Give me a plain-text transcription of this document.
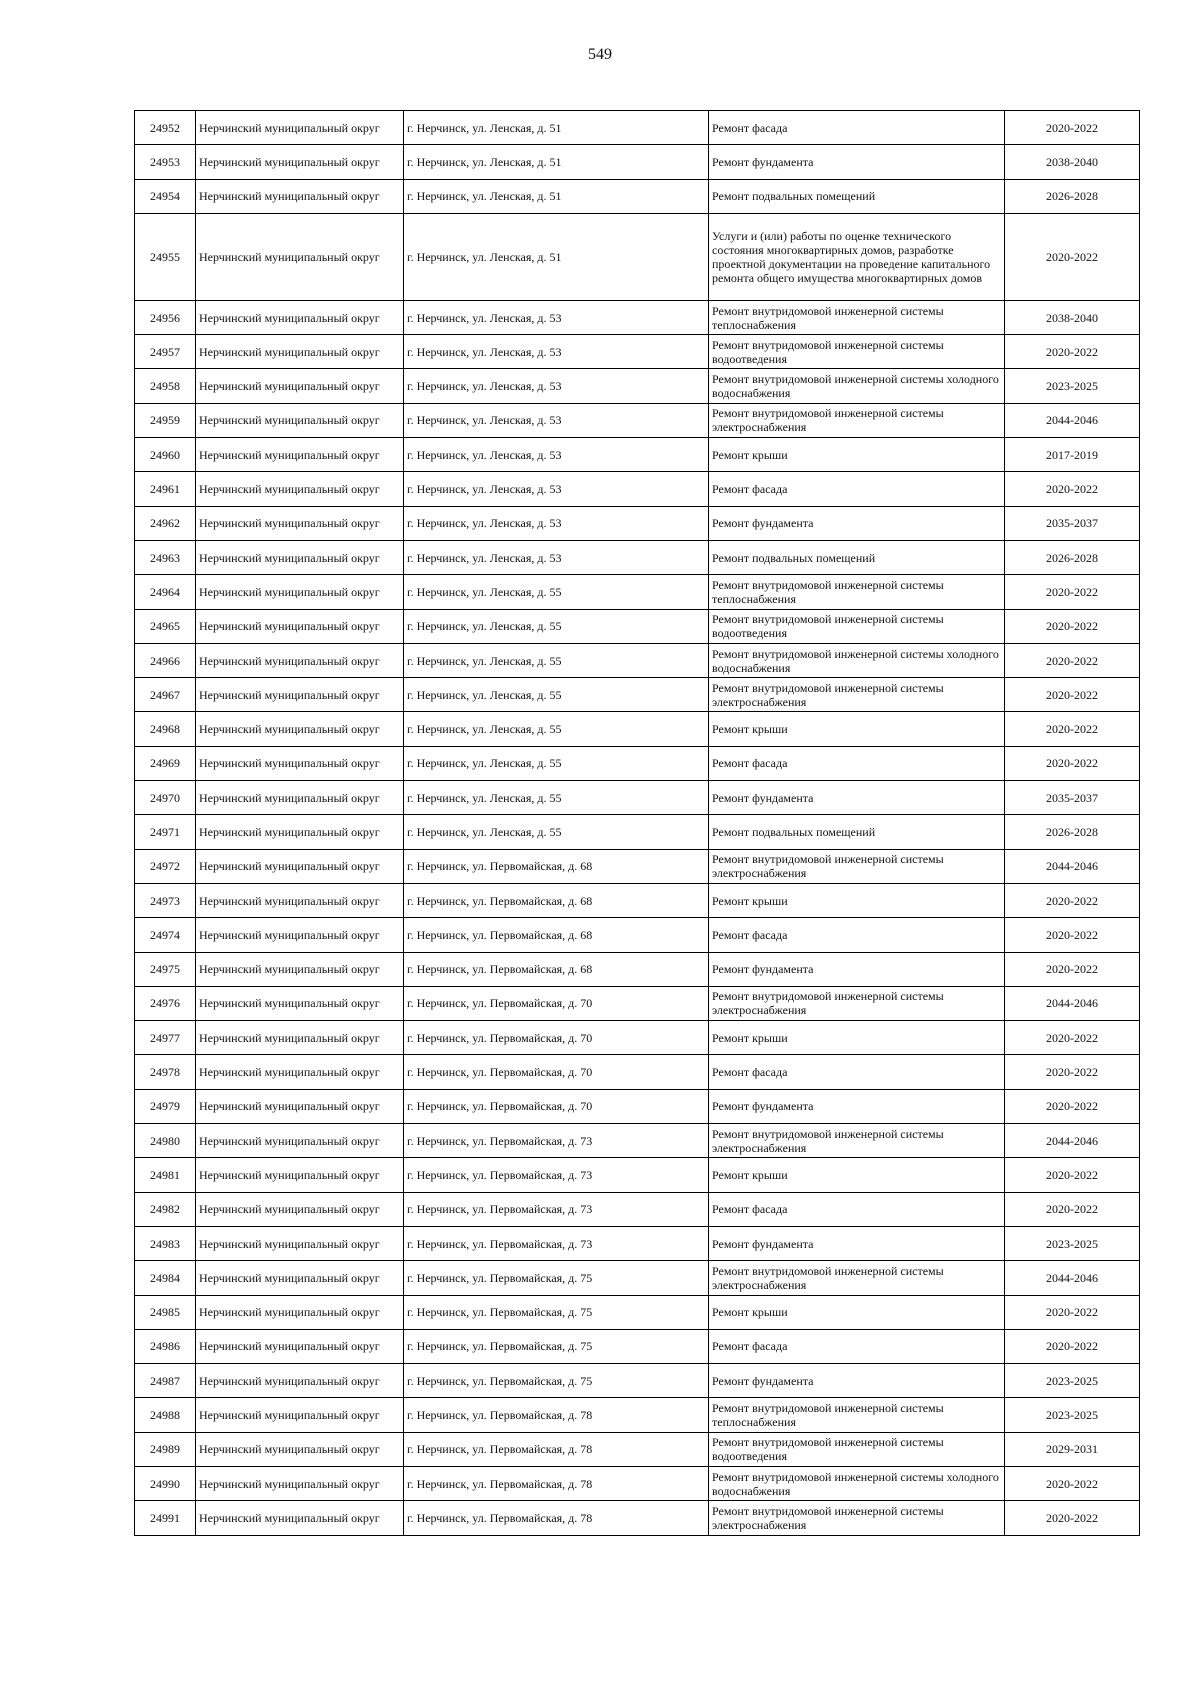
549
24952	Нерчинский муниципальный округ	г. Нерчинск, ул. Ленская, д. 51	Ремонт фасада	2020-2022
24953	Нерчинский муниципальный округ	г. Нерчинск, ул. Ленская, д. 51	Ремонт фундамента	2038-2040
24954	Нерчинский муниципальный округ	г. Нерчинск, ул. Ленская, д. 51	Ремонт подвальных помещений	2026-2028
24955	Нерчинский муниципальный округ	г. Нерчинск, ул. Ленская, д. 51	Услуги и (или) работы по оценке технического состояния многоквартирных домов, разработке проектной документации на проведение капитального ремонта общего имущества многоквартирных домов	2020-2022
24956	Нерчинский муниципальный округ	г. Нерчинск, ул. Ленская, д. 53	Ремонт внутридомовой инженерной системы теплоснабжения	2038-2040
24957	Нерчинский муниципальный округ	г. Нерчинск, ул. Ленская, д. 53	Ремонт внутридомовой инженерной системы водоотведения	2020-2022
24958	Нерчинский муниципальный округ	г. Нерчинск, ул. Ленская, д. 53	Ремонт внутридомовой инженерной системы холодного водоснабжения	2023-2025
24959	Нерчинский муниципальный округ	г. Нерчинск, ул. Ленская, д. 53	Ремонт внутридомовой инженерной системы электроснабжения	2044-2046
24960	Нерчинский муниципальный округ	г. Нерчинск, ул. Ленская, д. 53	Ремонт крыши	2017-2019
24961	Нерчинский муниципальный округ	г. Нерчинск, ул. Ленская, д. 53	Ремонт фасада	2020-2022
24962	Нерчинский муниципальный округ	г. Нерчинск, ул. Ленская, д. 53	Ремонт фундамента	2035-2037
24963	Нерчинский муниципальный округ	г. Нерчинск, ул. Ленская, д. 53	Ремонт подвальных помещений	2026-2028
24964	Нерчинский муниципальный округ	г. Нерчинск, ул. Ленская, д. 55	Ремонт внутридомовой инженерной системы теплоснабжения	2020-2022
24965	Нерчинский муниципальный округ	г. Нерчинск, ул. Ленская, д. 55	Ремонт внутридомовой инженерной системы водоотведения	2020-2022
24966	Нерчинский муниципальный округ	г. Нерчинск, ул. Ленская, д. 55	Ремонт внутридомовой инженерной системы холодного водоснабжения	2020-2022
24967	Нерчинский муниципальный округ	г. Нерчинск, ул. Ленская, д. 55	Ремонт внутридомовой инженерной системы электроснабжения	2020-2022
24968	Нерчинский муниципальный округ	г. Нерчинск, ул. Ленская, д. 55	Ремонт крыши	2020-2022
24969	Нерчинский муниципальный округ	г. Нерчинск, ул. Ленская, д. 55	Ремонт фасада	2020-2022
24970	Нерчинский муниципальный округ	г. Нерчинск, ул. Ленская, д. 55	Ремонт фундамента	2035-2037
24971	Нерчинский муниципальный округ	г. Нерчинск, ул. Ленская, д. 55	Ремонт подвальных помещений	2026-2028
24972	Нерчинский муниципальный округ	г. Нерчинск, ул. Первомайская, д. 68	Ремонт внутридомовой инженерной системы электроснабжения	2044-2046
24973	Нерчинский муниципальный округ	г. Нерчинск, ул. Первомайская, д. 68	Ремонт крыши	2020-2022
24974	Нерчинский муниципальный округ	г. Нерчинск, ул. Первомайская, д. 68	Ремонт фасада	2020-2022
24975	Нерчинский муниципальный округ	г. Нерчинск, ул. Первомайская, д. 68	Ремонт фундамента	2020-2022
24976	Нерчинский муниципальный округ	г. Нерчинск, ул. Первомайская, д. 70	Ремонт внутридомовой инженерной системы электроснабжения	2044-2046
24977	Нерчинский муниципальный округ	г. Нерчинск, ул. Первомайская, д. 70	Ремонт крыши	2020-2022
24978	Нерчинский муниципальный округ	г. Нерчинск, ул. Первомайская, д. 70	Ремонт фасада	2020-2022
24979	Нерчинский муниципальный округ	г. Нерчинск, ул. Первомайская, д. 70	Ремонт фундамента	2020-2022
24980	Нерчинский муниципальный округ	г. Нерчинск, ул. Первомайская, д. 73	Ремонт внутридомовой инженерной системы электроснабжения	2044-2046
24981	Нерчинский муниципальный округ	г. Нерчинск, ул. Первомайская, д. 73	Ремонт крыши	2020-2022
24982	Нерчинский муниципальный округ	г. Нерчинск, ул. Первомайская, д. 73	Ремонт фасада	2020-2022
24983	Нерчинский муниципальный округ	г. Нерчинск, ул. Первомайская, д. 73	Ремонт фундамента	2023-2025
24984	Нерчинский муниципальный округ	г. Нерчинск, ул. Первомайская, д. 75	Ремонт внутридомовой инженерной системы электроснабжения	2044-2046
24985	Нерчинский муниципальный округ	г. Нерчинск, ул. Первомайская, д. 75	Ремонт крыши	2020-2022
24986	Нерчинский муниципальный округ	г. Нерчинск, ул. Первомайская, д. 75	Ремонт фасада	2020-2022
24987	Нерчинский муниципальный округ	г. Нерчинск, ул. Первомайская, д. 75	Ремонт фундамента	2023-2025
24988	Нерчинский муниципальный округ	г. Нерчинск, ул. Первомайская, д. 78	Ремонт внутридомовой инженерной системы теплоснабжения	2023-2025
24989	Нерчинский муниципальный округ	г. Нерчинск, ул. Первомайская, д. 78	Ремонт внутридомовой инженерной системы водоотведения	2029-2031
24990	Нерчинский муниципальный округ	г. Нерчинск, ул. Первомайская, д. 78	Ремонт внутридомовой инженерной системы холодного водоснабжения	2020-2022
24991	Нерчинский муниципальный округ	г. Нерчинск, ул. Первомайская, д. 78	Ремонт внутридомовой инженерной системы электроснабжения	2020-2022
